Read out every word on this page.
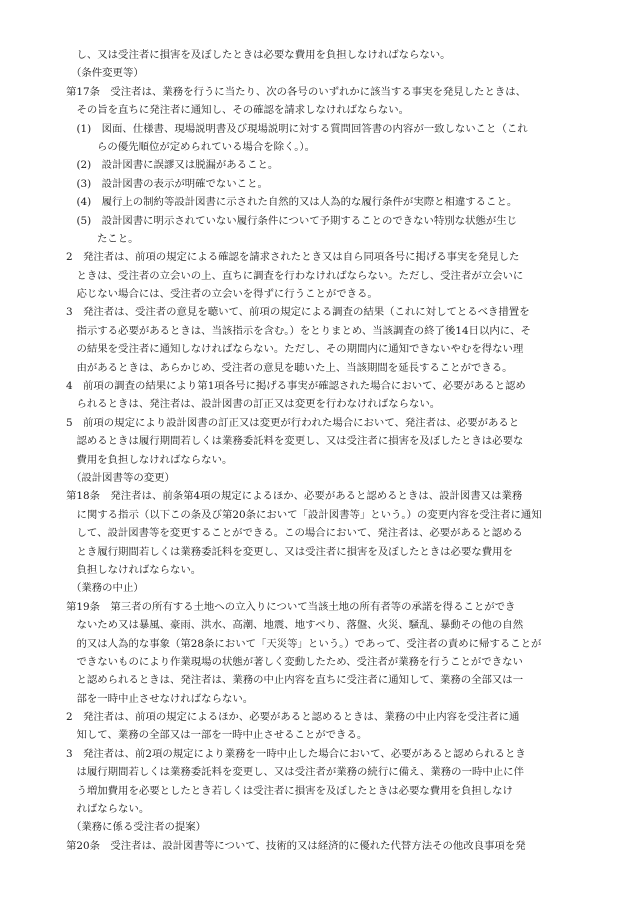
し、又は受注者に損害を及ぼしたときは必要な費用を負担しなければならない。
（条件変更等）
第17条　受注者は、業務を行うに当たり、次の各号のいずれかに該当する事実を発見したときは、
その旨を直ちに発注者に通知し、その確認を請求しなければならない。
(1)　図面、仕様書、現場説明書及び現場説明に対する質問回答書の内容が一致しないこと（これ
らの優先順位が定められている場合を除く。）。
(2)　設計図書に誤謬又は脱漏があること。
(3)　設計図書の表示が明確でないこと。
(4)　履行上の制約等設計図書に示された自然的又は人為的な履行条件が実際と相違すること。
(5)　設計図書に明示されていない履行条件について予期することのできない特別な状態が生じ
たこと。
2　発注者は、前項の規定による確認を請求されたとき又は自ら同項各号に掲げる事実を発見した
ときは、受注者の立会いの上、直ちに調査を行わなければならない。ただし、受注者が立会いに
応じない場合には、受注者の立会いを得ずに行うことができる。
3　発注者は、受注者の意見を聴いて、前項の規定による調査の結果（これに対してとるべき措置を
指示する必要があるときは、当該指示を含む。）をとりまとめ、当該調査の終了後14日以内に、そ
の結果を受注者に通知しなければならない。ただし、その期間内に通知できないやむを得ない理
由があるときは、あらかじめ、受注者の意見を聴いた上、当該期間を延長することができる。
4　前項の調査の結果により第1項各号に掲げる事実が確認された場合において、必要があると認め
られるときは、発注者は、設計図書の訂正又は変更を行わなければならない。
5　前項の規定により設計図書の訂正又は変更が行われた場合において、発注者は、必要があると
認めるときは履行期間若しくは業務委託料を変更し、又は受注者に損害を及ぼしたときは必要な
費用を負担しなければならない。
（設計図書等の変更）
第18条　発注者は、前条第4項の規定によるほか、必要があると認めるときは、設計図書又は業務
に関する指示（以下この条及び第20条において「設計図書等」という。）の変更内容を受注者に通知
して、設計図書等を変更することができる。この場合において、発注者は、必要があると認める
とき履行期間若しくは業務委託料を変更し、又は受注者に損害を及ぼしたときは必要な費用を
負担しなければならない。
（業務の中止）
第19条　第三者の所有する土地への立入りについて当該土地の所有者等の承諾を得ることができ
ないため又は暴風、豪雨、洪水、高潮、地震、地すべり、落盤、火災、騒乱、暴動その他の自然
的又は人為的な事象（第28条において「天災等」という。）であって、受注者の責めに帰することが
できないものにより作業現場の状態が著しく変動したため、受注者が業務を行うことができない
と認められるときは、発注者は、業務の中止内容を直ちに受注者に通知して、業務の全部又は一
部を一時中止させなければならない。
2　発注者は、前項の規定によるほか、必要があると認めるときは、業務の中止内容を受注者に通
知して、業務の全部又は一部を一時中止させることができる。
3　発注者は、前2項の規定により業務を一時中止した場合において、必要があると認められるとき
は履行期間若しくは業務委託料を変更し、又は受注者が業務の続行に備え、業務の一時中止に伴
う増加費用を必要としたとき若しくは受注者に損害を及ぼしたときは必要な費用を負担しなけ
ればならない。
（業務に係る受注者の提案）
第20条　受注者は、設計図書等について、技術的又は経済的に優れた代替方法その他改良事項を発
